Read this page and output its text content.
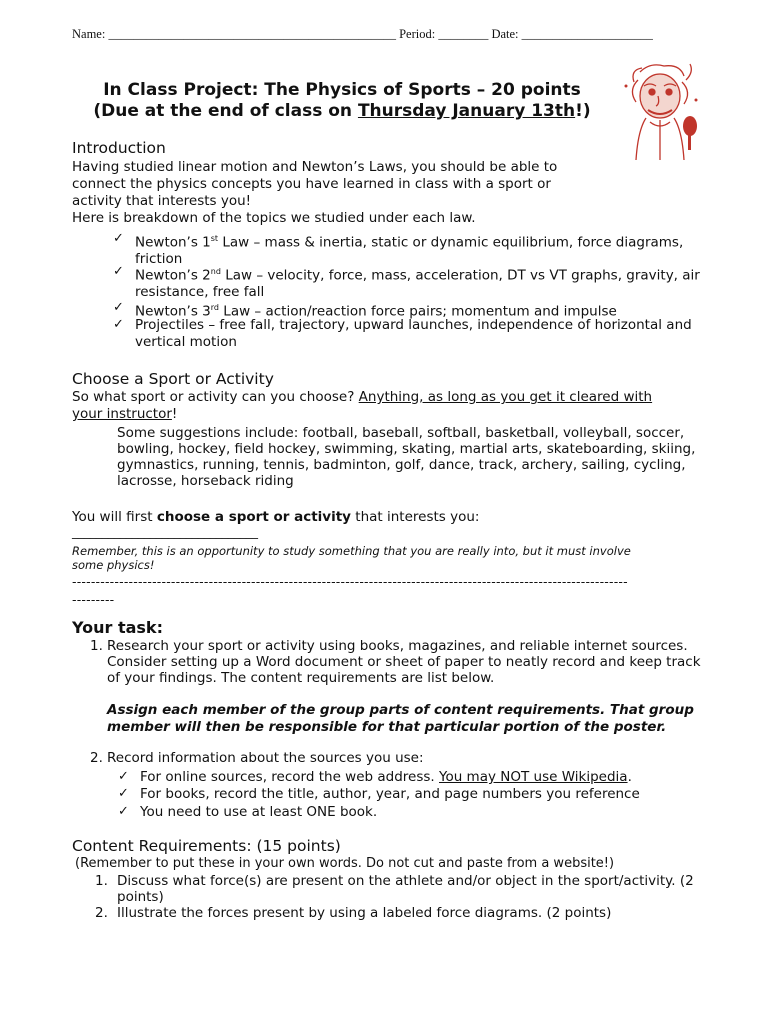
Name: ______________________________________________ Period: ________ Date: _____________________
In Class Project: The Physics of Sports – 20 points
(Due at the end of class on Thursday January 13th!)
Introduction
Having studied linear motion and Newton’s Laws, you should be able to
connect the physics concepts you have learned in class with a sport or
activity that interests you!
Here is breakdown of the topics we studied under each law.
✓ Newton’s 1st Law – mass & inertia, static or dynamic equilibrium, force diagrams,
friction
✓ Newton’s 2nd Law – velocity, force, mass, acceleration, DT vs VT graphs, gravity, air
resistance, free fall
✓ Newton’s 3rd Law – action/reaction force pairs; momentum and impulse
✓ Projectiles – free fall, trajectory, upward launches, independence of horizontal and
vertical motion
Choose a Sport or Activity
So what sport or activity can you choose? Anything, as long as you get it cleared with
your instructor!
Some suggestions include: football, baseball, softball, basketball, volleyball, soccer,
bowling, hockey, field hockey, swimming, skating, martial arts, skateboarding, skiing,
gymnastics, running, tennis, badminton, golf, dance, track, archery, sailing, cycling,
lacrosse, horseback riding
You will first choose a sport or activity that interests you:
_______________________________
Remember, this is an opportunity to study something that you are really into, but it must involve
some physics!
----------------------------------------------------------------------------------------------------------------------
---------
Your task:
1. Research your sport or activity using books, magazines, and reliable internet sources.
Consider setting up a Word document or sheet of paper to neatly record and keep track
of your findings. The content requirements are list below.
Assign each member of the group parts of content requirements. That group
member will then be responsible for that particular portion of the poster.
2. Record information about the sources you use:
✓ For online sources, record the web address. You may NOT use Wikipedia.
✓ For books, record the title, author, year, and page numbers you reference
✓ You need to use at least ONE book.
Content Requirements: (15 points)
(Remember to put these in your own words. Do not cut and paste from a website!)
1. Discuss what force(s) are present on the athlete and/or object in the sport/activity. (2
points)
2. Illustrate the forces present by using a labeled force diagrams. (2 points)
